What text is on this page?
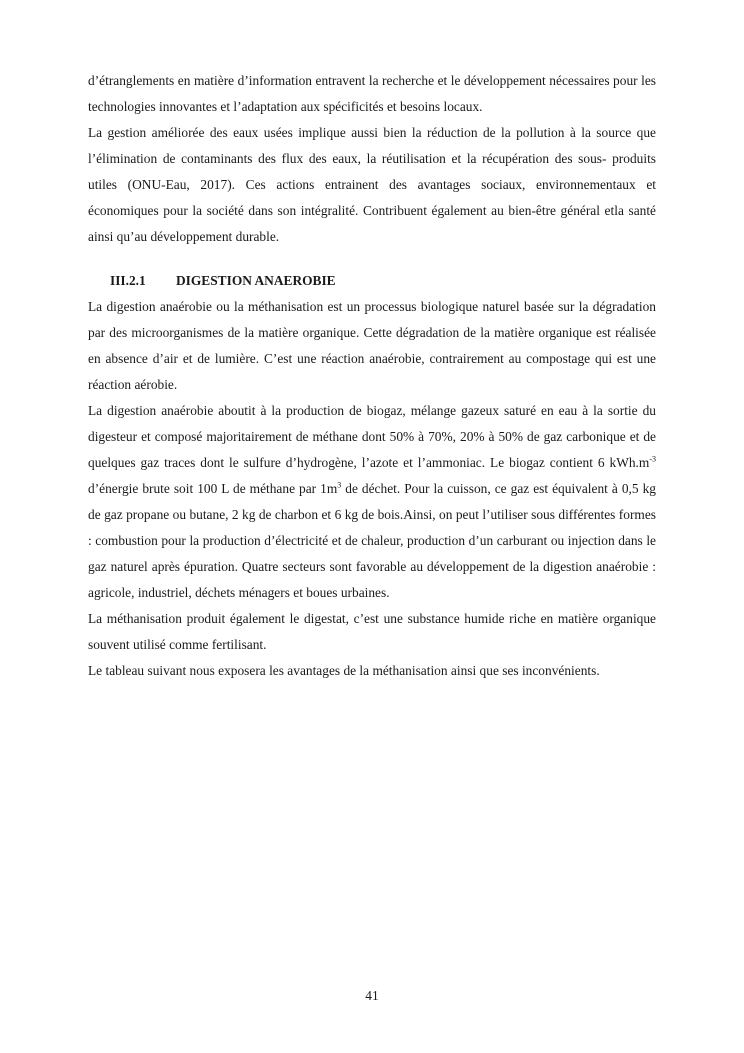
d’étranglements en matière d’information entravent la recherche et le développement nécessaires pour les technologies innovantes et l’adaptation aux spécificités et besoins locaux.

La gestion améliorée des eaux usées implique aussi bien la réduction de la pollution à la source que l’élimination de contaminants des flux des eaux, la réutilisation et la récupération des sous- produits utiles (ONU-Eau, 2017). Ces actions entrainent des avantages sociaux, environnementaux et économiques pour la société dans son intégralité. Contribuent également au bien-être général etla santé ainsi qu’au développement durable.

III.2.1 DIGESTION ANAEROBIE

La digestion anaérobie ou la méthanisation est un processus biologique naturel basée sur la dégradation par des microorganismes de la matière organique. Cette dégradation de la matière organique est réalisée en absence d’air et de lumière. C’est une réaction anaérobie, contrairement au compostage qui est une réaction aérobie.

La digestion anaérobie aboutit à la production de biogaz, mélange gazeux saturé en eau à la sortie du digesteur et composé majoritairement de méthane dont 50% à 70%, 20% à 50% de gaz carbonique et de quelques gaz traces dont le sulfure d’hydrogène, l’azote et l’ammoniac. Le biogaz contient 6 $kWh.m^{-3}$ d’énergie brute soit 100 L de méthane par $1m^3$ de déchet. Pour la cuisson, ce gaz est équivalent à 0,5 kg de gaz propane ou butane, 2 kg de charbon et 6 kg de bois.Ainsi, on peut l’utiliser sous différentes formes : combustion pour la production d’électricité et de chaleur, production d’un carburant ou injection dans le gaz naturel après épuration. Quatre secteurs sont favorable au développement de la digestion anaérobie : agricole, industriel, déchets ménagers et boues urbaines.

La méthanisation produit également le digestat, c’est une substance humide riche en matière organique souvent utilisé comme fertilisant.

Le tableau suivant nous exposera les avantages de la méthanisation ainsi que ses inconvénients.

41
